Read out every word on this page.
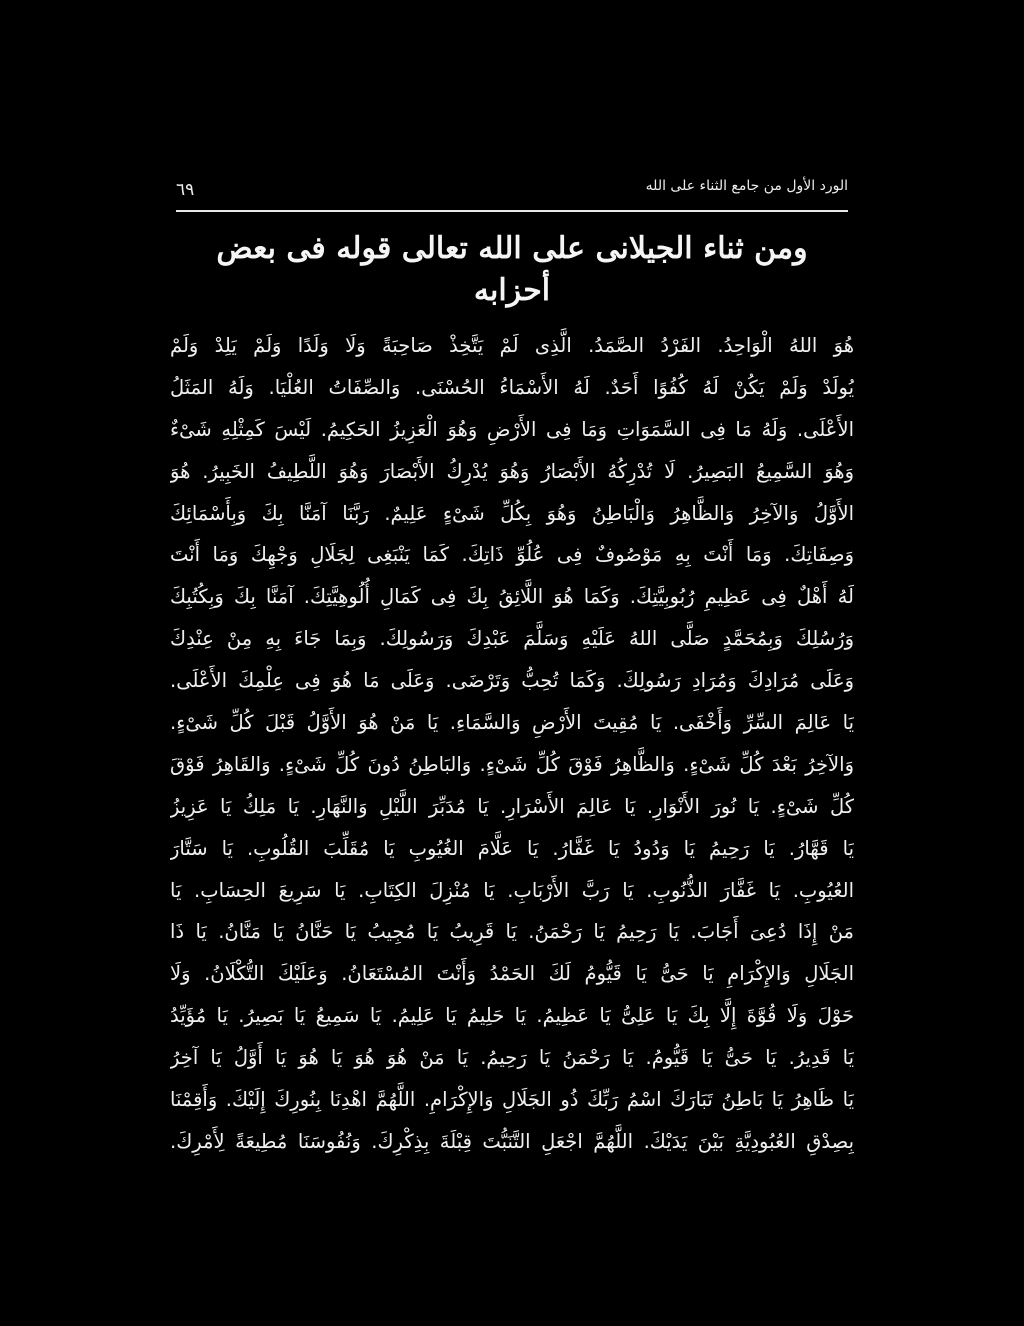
٦٩	الورد الأول من جامع الثناء على الله
ومن ثناء الجيلانى على الله تعالى قوله فى بعض أحزابه
هُوَ اللهُ الْوَاحِدُ. الفَرْدُ الصَّمَدُ. الَّذِى لَمْ يَتَّخِذْ صَاحِبَةً وَلَا وَلَدًا وَلَمْ يَلِدْ وَلَمْ
يُولَدْ وَلَمْ يَكُنْ لَهُ كُفُوًا أَحَدٌ. لَهُ الأَسْمَاءُ الحُسْنَى. وَالصِّفَاتُ العُلْيَا. وَلَهُ المَثَلُ
الأَعْلَى. وَلَهُ مَا فِى السَّمَوَاتِ وَمَا فِى الأَرْضِ وَهُوَ الْعَزِيزُ الحَكِيمُ. لَيْسَ كَمِثْلِهِ شَىْءٌ
وَهُوَ السَّمِيعُ البَصِيرُ. لَا تُدْرِكُهُ الأَبْصَارُ وَهُوَ يُدْرِكُ الأَبْصَارَ وَهُوَ اللَّطِيفُ الخَبِيرُ. هُوَ
الأَوَّلُ وَالآخِرُ وَالظَّاهِرُ وَالْبَاطِنُ وَهُوَ بِكُلِّ شَىْءٍ عَلِيمٌ. رَبَّنَا آمَنَّا بِكَ وَبِأَسْمَائِكَ
وَصِفَاتِكَ. وَمَا أَنْتَ بِهِ مَوْصُوفٌ فِى عُلُوِّ ذَاتِكَ. كَمَا يَنْبَغِى لِجَلَالِ وَجْهِكَ وَمَا أَنْتَ
لَهُ أَهْلٌ فِى عَظِيمِ رُبُوبِيَّتِكَ. وَكَمَا هُوَ اللَّائِقُ بِكَ فِى كَمَالِ أُلُوهِيَّتِكَ. آمَنَّا بِكَ وَبِكُتُبِكَ
وَرُسُلِكَ وَبِمُحَمَّدٍ صَلَّى اللهُ عَلَيْهِ وَسَلَّمَ عَبْدِكَ وَرَسُولِكَ. وَبِمَا جَاءَ بِهِ مِنْ عِنْدِكَ
وَعَلَى مُرَادِكَ وَمُرَادِ رَسُولِكَ. وَكَمَا تُحِبُّ وَتَرْضَى. وَعَلَى مَا هُوَ فِى عِلْمِكَ الأَعْلَى.
يَا عَالِمَ السِّرِّ وَأَخْفَى. يَا مُقِيتَ الأَرْضِ وَالسَّمَاءِ. يَا مَنْ هُوَ الأَوَّلُ قَبْلَ كُلِّ شَىْءٍ.
وَالآخِرُ بَعْدَ كُلِّ شَىْءٍ. وَالظَّاهِرُ فَوْقَ كُلِّ شَىْءٍ. وَالبَاطِنُ دُونَ كُلِّ شَىْءٍ. وَالقَاهِرُ فَوْقَ
كُلِّ شَىْءٍ. يَا نُورَ الأَنْوَارِ. يَا عَالِمَ الأَسْرَارِ. يَا مُدَبِّرَ اللَّيْلِ وَالنَّهَارِ. يَا مَلِكُ يَا عَزِيزُ
يَا قَهَّارُ. يَا رَحِيمُ يَا وَدُودُ يَا غَفَّارُ. يَا عَلَّامَ الغُيُوبِ يَا مُقَلِّبَ القُلُوبِ. يَا سَتَّارَ
العُيُوبِ. يَا غَفَّارَ الذُّنُوبِ. يَا رَبَّ الأَرْبَابِ. يَا مُنْزِلَ الكِتَابِ. يَا سَرِيعَ الحِسَابِ. يَا
مَنْ إِذَا دُعِىَ أَجَابَ. يَا رَحِيمُ يَا رَحْمَنُ. يَا قَرِيبُ يَا مُجِيبُ يَا حَنَّانُ يَا مَنَّانُ. يَا ذَا
الجَلَالِ وَالإِكْرَامِ يَا حَىُّ يَا قَيُّومُ لَكَ الحَمْدُ وَأَنْتَ المُسْتَعَانُ. وَعَلَيْكَ التُّكْلَانُ. وَلَا
حَوْلَ وَلَا قُوَّةَ إِلَّا بِكَ يَا عَلِىُّ يَا عَظِيمُ. يَا حَلِيمُ يَا عَلِيمُ. يَا سَمِيعُ يَا بَصِيرُ. يَا مُؤَيِّدُ
يَا قَدِيرُ. يَا حَىُّ يَا قَيُّومُ. يَا رَحْمَنُ يَا رَحِيمُ. يَا مَنْ هُوَ هُوَ يَا هُوَ يَا أَوَّلُ يَا آخِرُ
يَا ظَاهِرُ يَا بَاطِنُ تَبَارَكَ اسْمُ رَبِّكَ ذُو الجَلَالِ وَالإِكْرَامِ. اللَّهُمَّ اهْدِنَا بِنُورِكَ إِلَيْكَ. وَأَقِمْنَا
بِصِدْقِ العُبُودِيَّةِ بَيْنَ يَدَيْكَ. اللَّهُمَّ اجْعَلِ التَّنَبُّتَ قِبْلَةَ بِذِكْرِكَ. وَنُفُوسَنَا مُطِيعَةً لِأَمْرِكَ.
